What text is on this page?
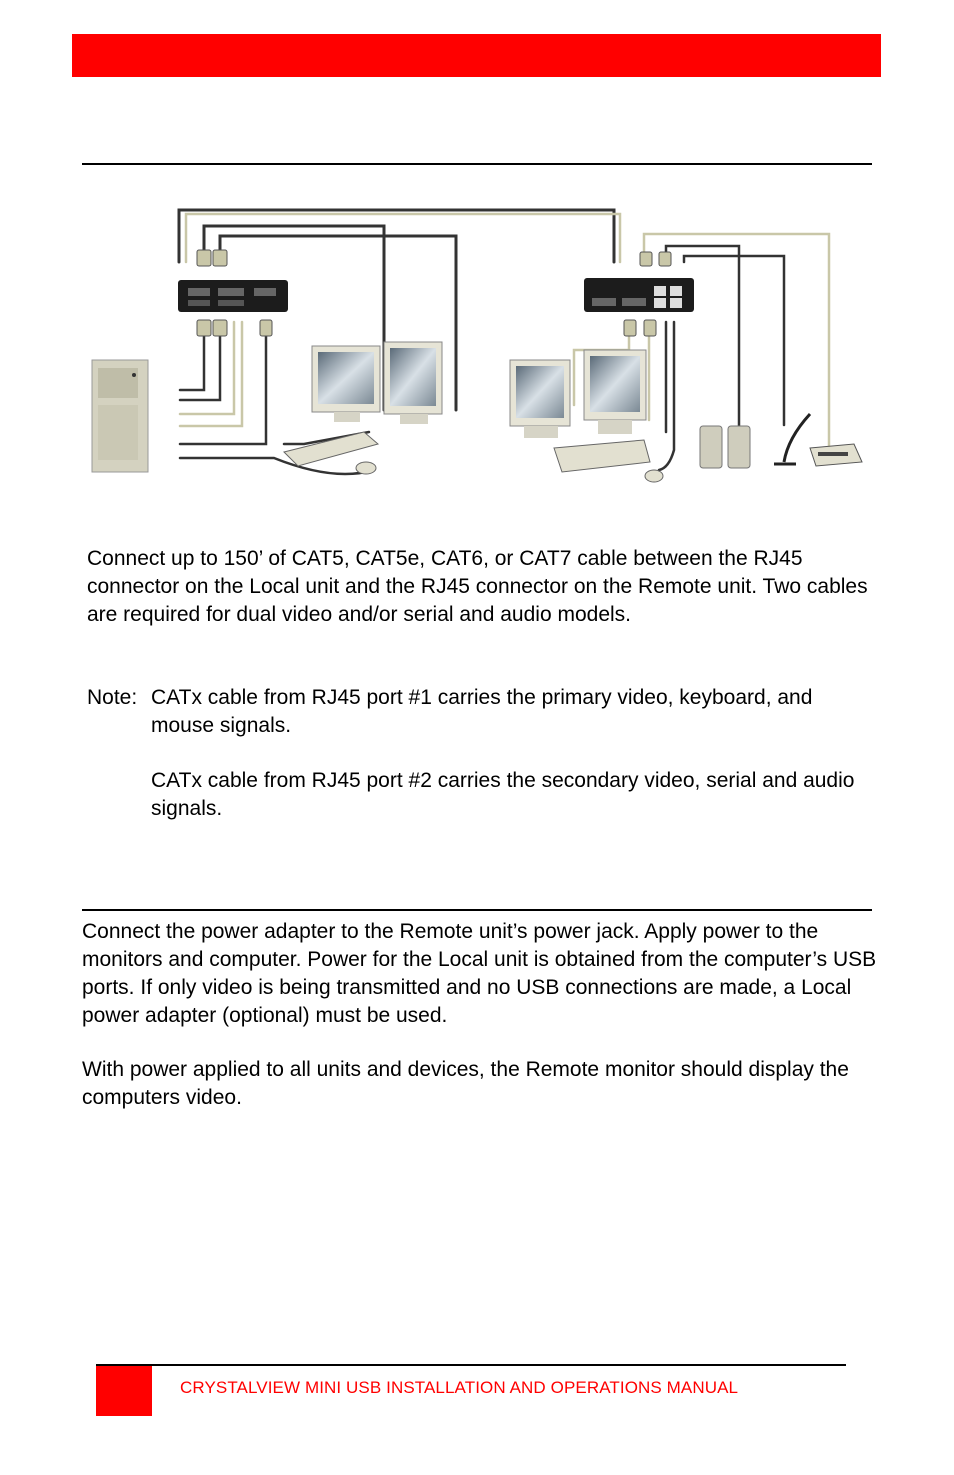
Connect up to 150’ of CAT5, CAT5e, CAT6, or CAT7 cable between the RJ45 connector on the Local unit and the RJ45 connector on the Remote unit. Two cables are required for dual video and/or serial and audio models.

Note: CATx cable from RJ45 port #1 carries the primary video, keyboard, and mouse signals.
CATx cable from RJ45 port #2 carries the secondary video, serial and audio signals.

Connect the power adapter to the Remote unit’s power jack. Apply power to the monitors and computer. Power for the Local unit is obtained from the computer’s USB ports. If only video is being transmitted and no USB connections are made, a Local power adapter (optional) must be used.

With power applied to all units and devices, the Remote monitor should display the computers video.

CRYSTALVIEW MINI USB INSTALLATION AND OPERATIONS MANUAL
